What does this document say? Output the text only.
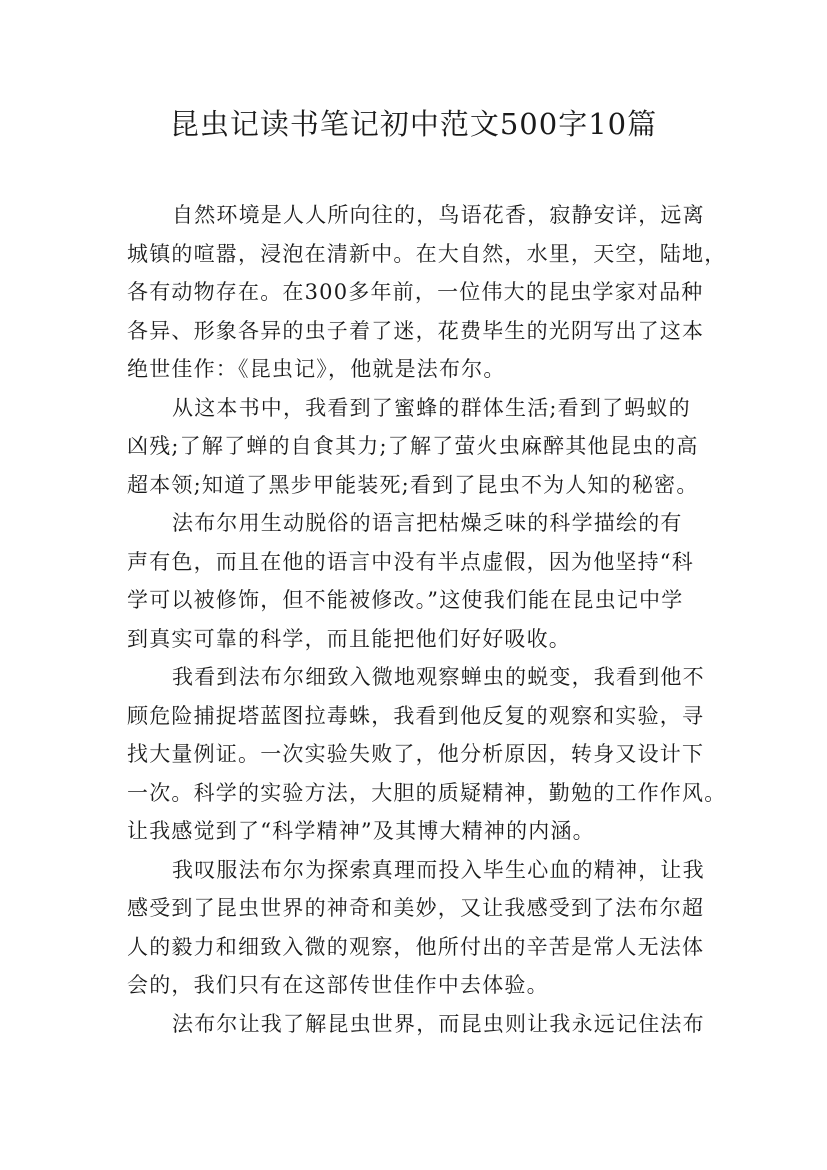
昆虫记读书笔记初中范文500字10篇

自然环境是人人所向往的，鸟语花香，寂静安详，远离

城镇的喧嚣，浸泡在清新中。在大自然，水里，天空，陆地，

各有动物存在。在300多年前，一位伟大的昆虫学家对品种

各异、形象各异的虫子着了迷，花费毕生的光阴写出了这本

绝世佳作：《昆虫记》，他就是法布尔。

从这本书中，我看到了蜜蜂的群体生活;看到了蚂蚁的

凶残;了解了蝉的自食其力;了解了萤火虫麻醉其他昆虫的高

超本领;知道了黑步甲能装死;看到了昆虫不为人知的秘密。

法布尔用生动脱俗的语言把枯燥乏味的科学描绘的有

声有色，而且在他的语言中没有半点虚假，因为他坚持“科

学可以被修饰，但不能被修改。”这使我们能在昆虫记中学

到真实可靠的科学，而且能把他们好好吸收。

我看到法布尔细致入微地观察蝉虫的蜕变，我看到他不

顾危险捕捉塔蓝图拉毒蛛，我看到他反复的观察和实验，寻

找大量例证。一次实验失败了，他分析原因，转身又设计下

一次。科学的实验方法，大胆的质疑精神，勤勉的工作作风。

让我感觉到了“科学精神”及其博大精神的内涵。

我叹服法布尔为探索真理而投入毕生心血的精神，让我

感受到了昆虫世界的神奇和美妙，又让我感受到了法布尔超

人的毅力和细致入微的观察，他所付出的辛苦是常人无法体

会的，我们只有在这部传世佳作中去体验。

法布尔让我了解昆虫世界，而昆虫则让我永远记住法布
